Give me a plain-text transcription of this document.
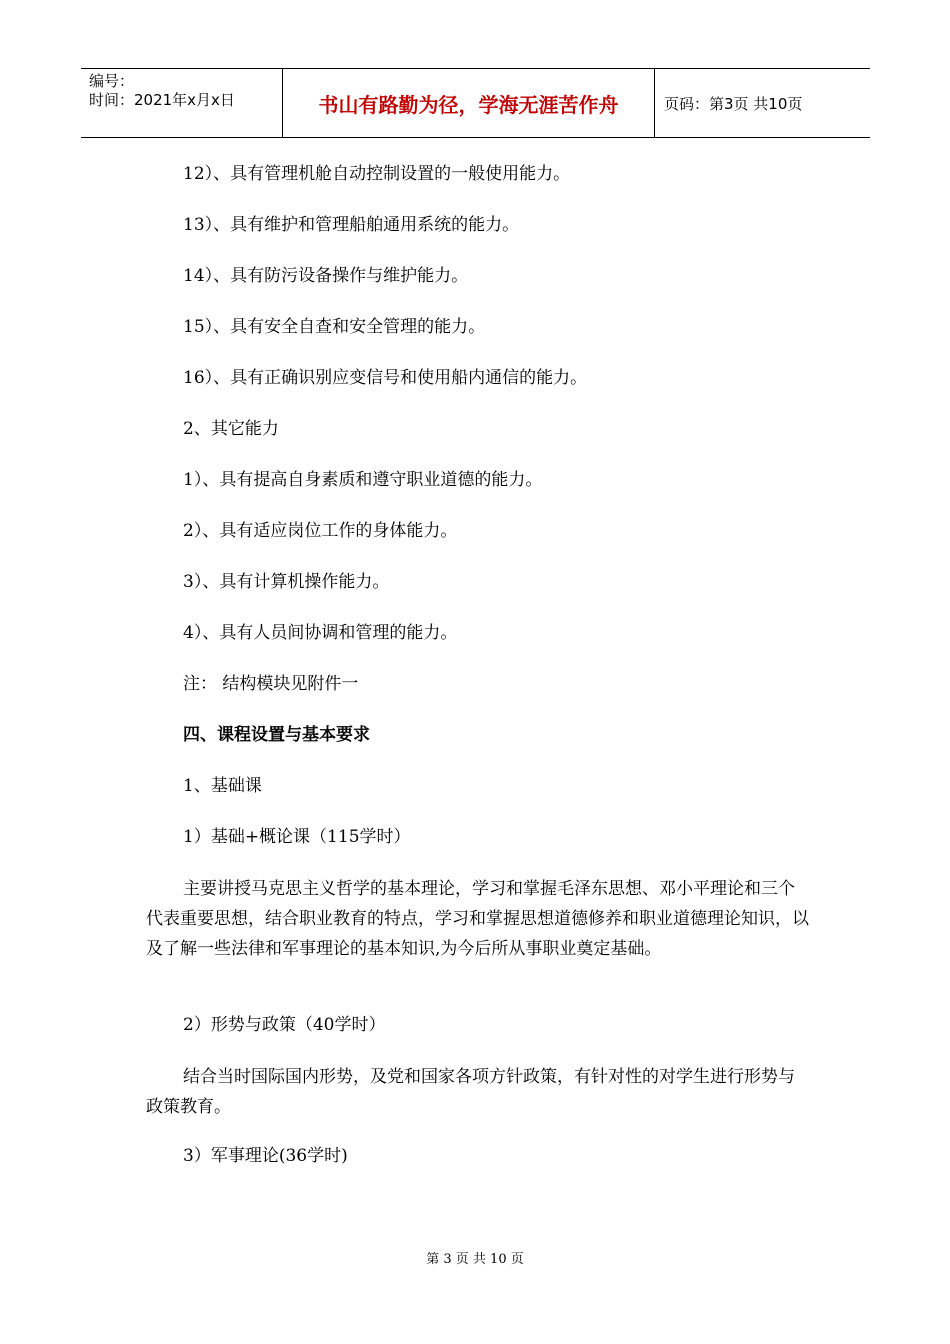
编号：
时间：2021年x月x日	书山有路勤为径，学海无涯苦作舟	页码：第3页 共10页
12）、具有管理机舱自动控制设置的一般使用能力。
13）、具有维护和管理船舶通用系统的能力。
14）、具有防污设备操作与维护能力。
15）、具有安全自查和安全管理的能力。
16）、具有正确识别应变信号和使用船内通信的能力。
2、其它能力
1）、具有提高自身素质和遵守职业道德的能力。
2）、具有适应岗位工作的身体能力。
3）、具有计算机操作能力。
4）、具有人员间协调和管理的能力。
注： 结构模块见附件一
四、课程设置与基本要求
1、基础课
1）基础+概论课（115学时）
主要讲授马克思主义哲学的基本理论，学习和掌握毛泽东思想、邓小平理论和三个代表重要思想，结合职业教育的特点，学习和掌握思想道德修养和职业道德理论知识，以及了解一些法律和军事理论的基本知识,为今后所从事职业奠定基础。
2）形势与政策（40学时）
结合当时国际国内形势，及党和国家各项方针政策，有针对性的对学生进行形势与政策教育。
3）军事理论(36学时)
第 3 页 共 10 页
